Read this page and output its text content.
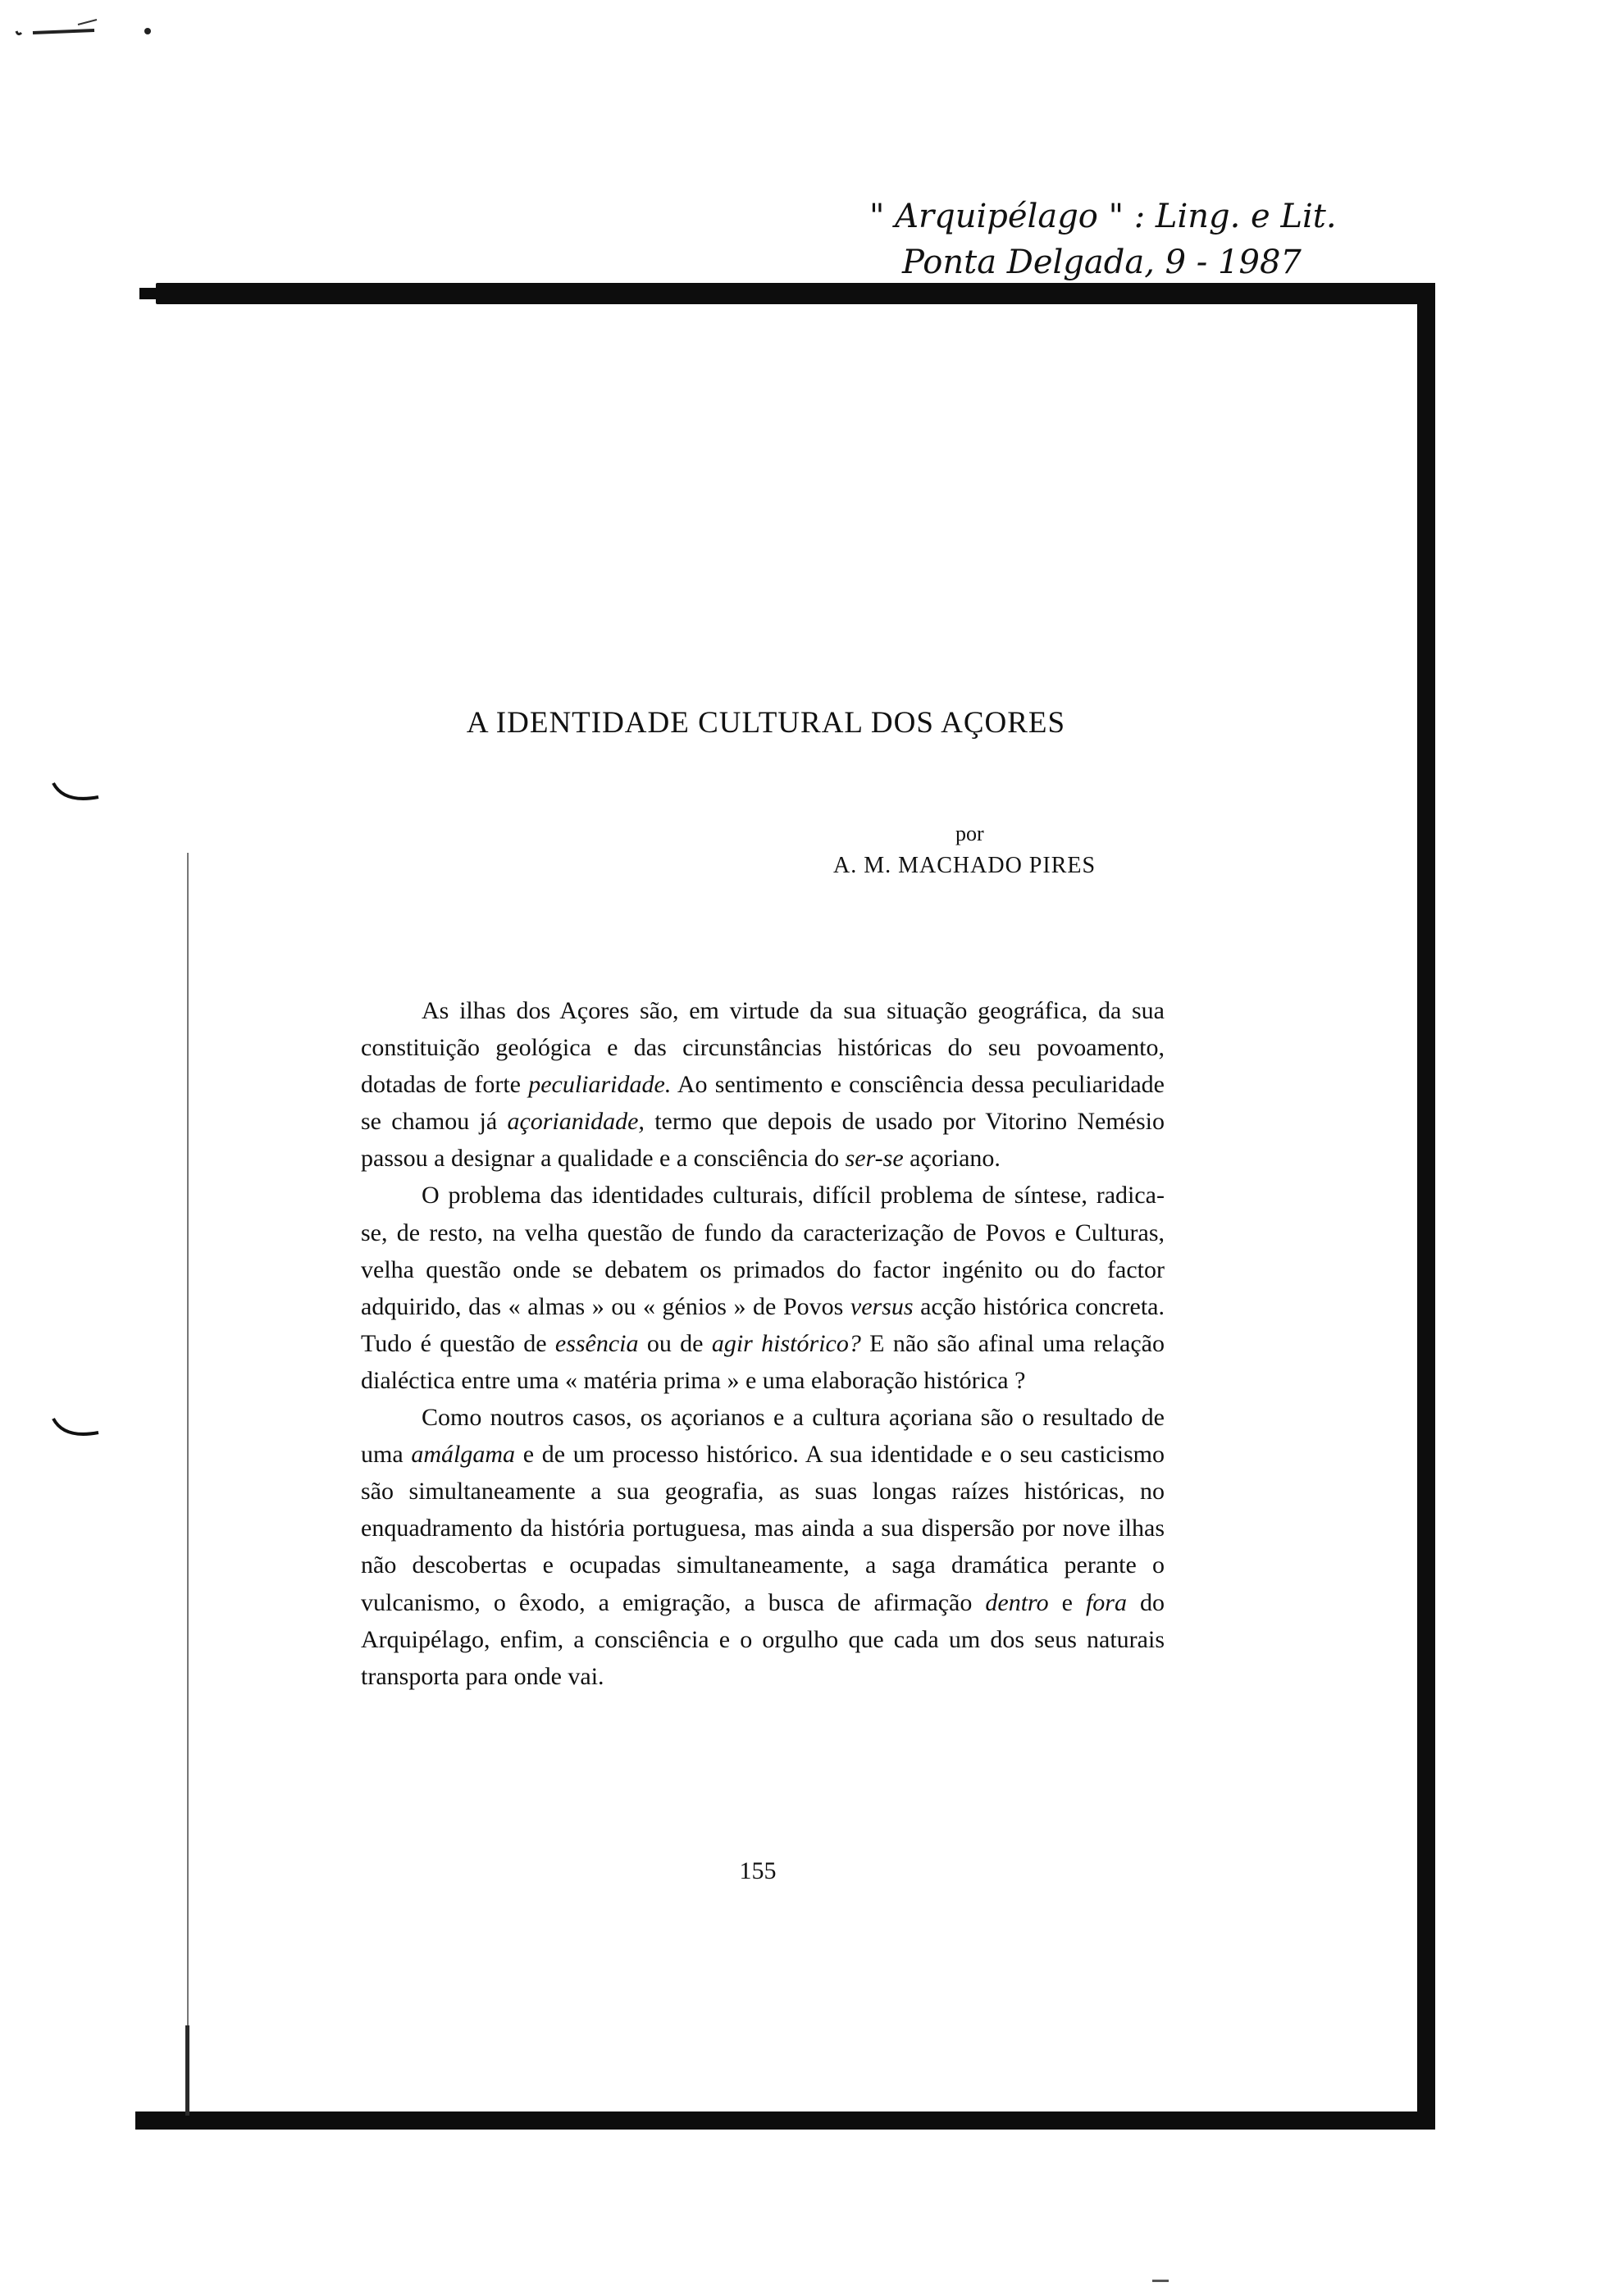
" Arquipélago " : Ling. e Lit.
Ponta Delgada, 9 - 1987
A IDENTIDADE CULTURAL DOS AÇORES
por
A. M. MACHADO PIRES

As ilhas dos Açores são, em virtude da sua situação geográfica, da sua constituição geológica e das circunstâncias históricas do seu povoamento, dotadas de forte peculiaridade. Ao sentimento e consciência dessa peculiaridade se chamou já açorianidade, termo que depois de usado por Vitorino Nemésio passou a designar a qualidade e a consciência do ser-se açoriano.

O problema das identidades culturais, difícil problema de síntese, radica-se, de resto, na velha questão de fundo da caracterização de Povos e Culturas, velha questão onde se debatem os primados do factor ingénito ou do factor adquirido, das « almas » ou « génios » de Povos versus acção histórica concreta. Tudo é questão de essência ou de agir histórico? E não são afinal uma relação dialéctica entre uma « matéria prima » e uma elaboração histórica ?

Como noutros casos, os açorianos e a cultura açoriana são o resultado de uma amálgama e de um processo histórico. A sua identidade e o seu casticismo são simultaneamente a sua geografia, as suas longas raízes históricas, no enquadramento da história portuguesa, mas ainda a sua dispersão por nove ilhas não descobertas e ocupadas simultaneamente, a saga dramática perante o vulcanismo, o êxodo, a emigração, a busca de afirmação dentro e fora do Arquipélago, enfim, a consciência e o orgulho que cada um dos seus naturais transporta para onde vai.

155
